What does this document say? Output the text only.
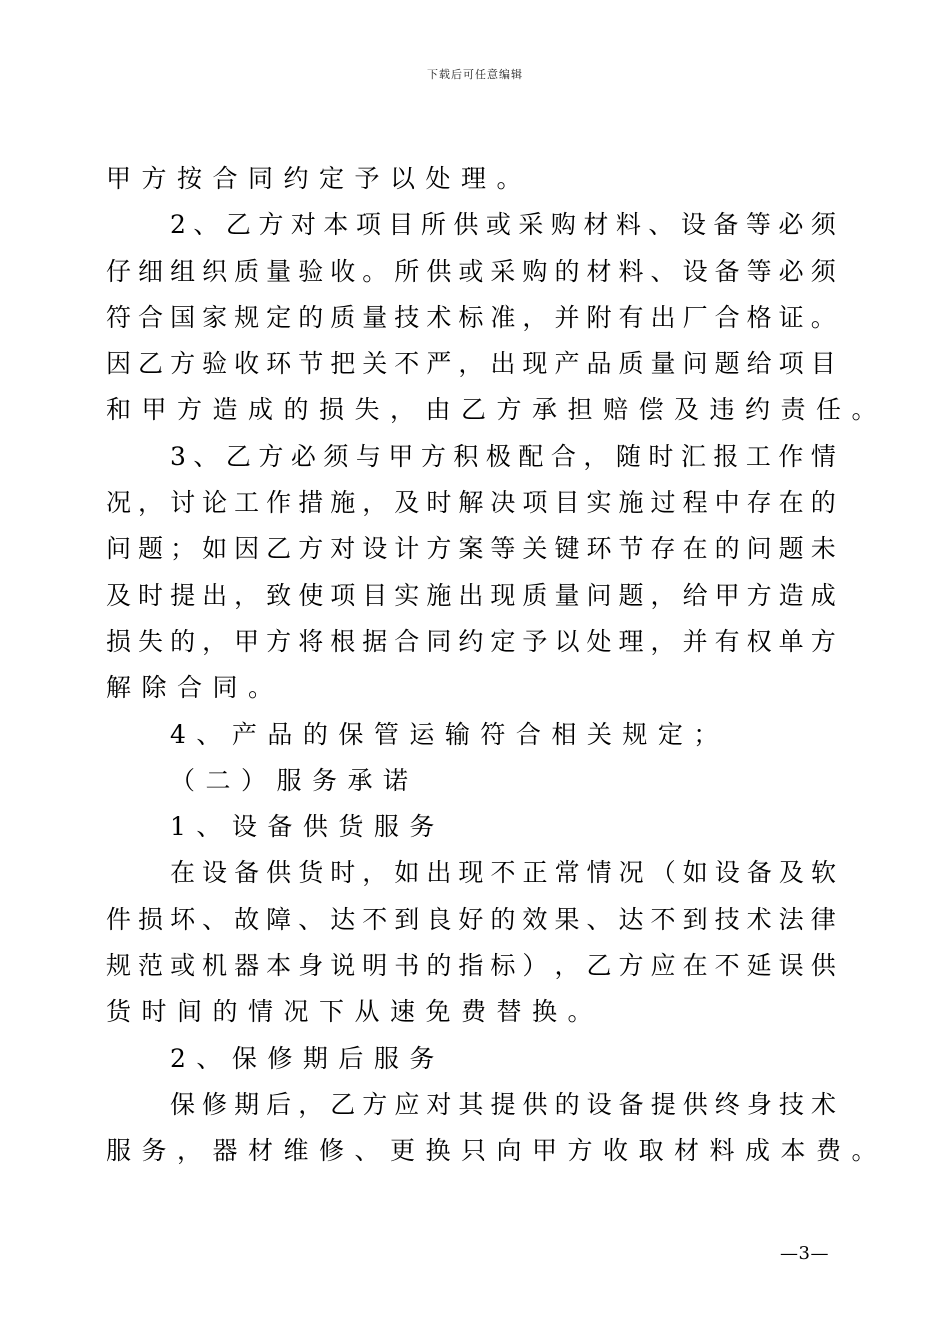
下载后可任意编辑
甲方按合同约定予以处理。
2 、 乙 方 对 本 项 目 所 供 或 采 购 材 料 、 设 备 等 必 须
仔 细 组 织 质 量 验 收 。 所 供 或 采 购 的 材 料 、 设 备 等 必 须
符 合 国 家 规 定 的 质 量 技 术 标 准 ， 并 附 有 出 厂 合 格 证 。
因 乙 方 验 收 环 节 把 关 不 严 ， 出 现 产 品 质 量 问 题 给 项 目
和甲方造成的损失，由乙方承担赔偿及违约责任。
3 、 乙 方 必 须 与 甲 方 积 极 配 合 ， 随 时 汇 报 工 作 情
况 ， 讨 论 工 作 措 施 ， 及 时 解 决 项 目 实 施 过 程 中 存 在 的
问 题 ； 如 因 乙 方 对 设 计 方 案 等 关 键 环 节 存 在 的 问 题 未
及 时 提 出 ， 致 使 项 目 实 施 出 现 质 量 问 题 ， 给 甲 方 造 成
损 失 的 ， 甲 方 将 根 据 合 同 约 定 予 以 处 理 ， 并 有 权 单 方
解除合同。
4、产品的保管运输符合相关规定；
（二）服务承诺
1、设备供货服务
在 设 备 供 货 时 ， 如 出 现 不 正 常 情 况 （ 如 设 备 及 软
件 损 坏 、 故 障 、 达 不 到 良 好 的 效 果 、 达 不 到 技 术 法 律
规 范 或 机 器 本 身 说 明 书 的 指 标 ） ， 乙 方 应 在 不 延 误 供
货时间的情况下从速免费替换。
2、保修期后服务
保 修 期 后 ， 乙 方 应 对 其 提 供 的 设 备 提 供 终 身 技 术
服务，器材维修、更换只向甲方收取材料成本费。
—3—
